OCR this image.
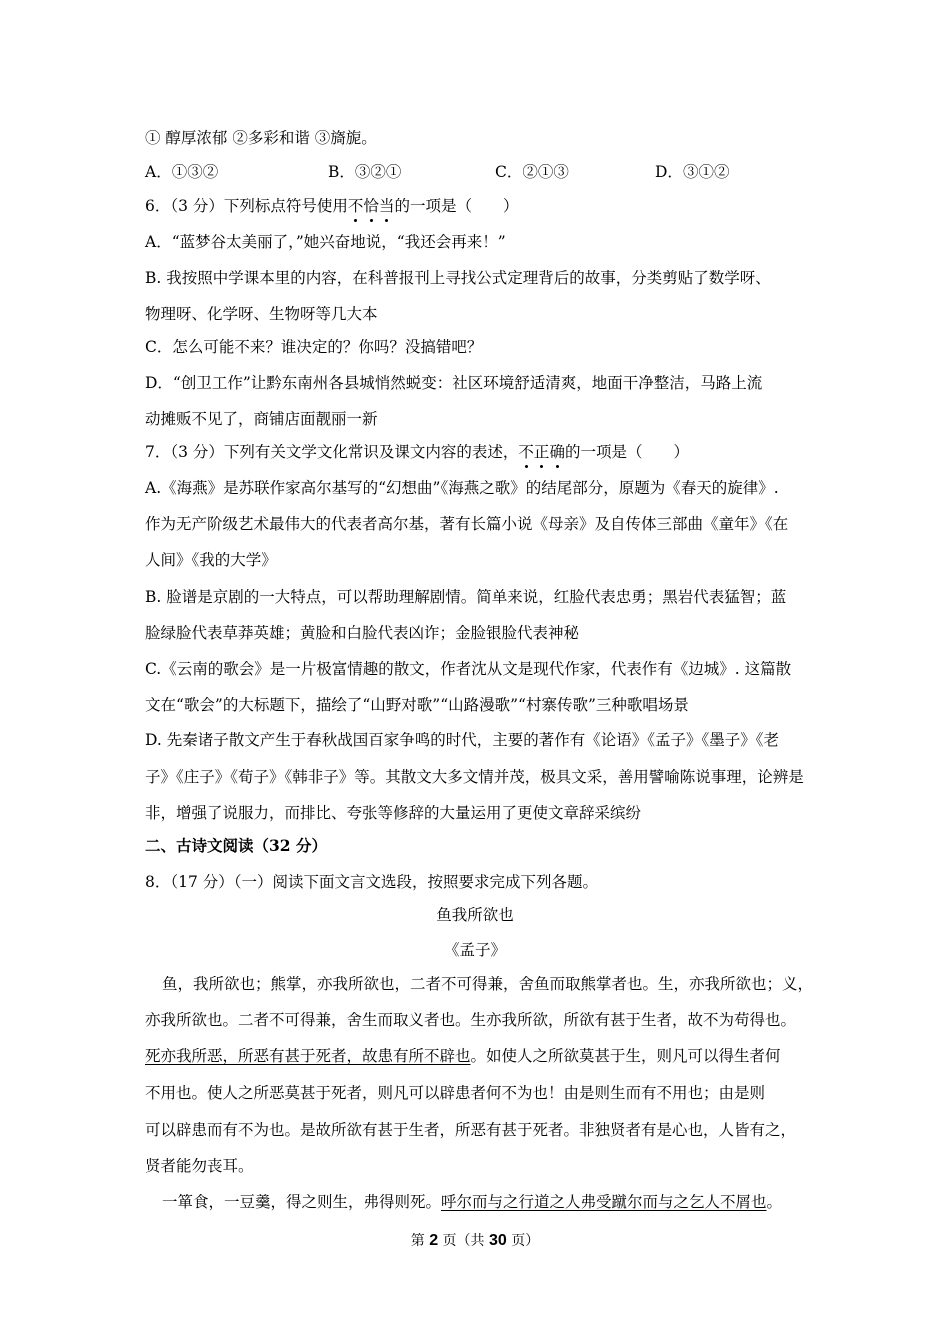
① 醇厚浓郁 ②多彩和谐 ③旖旎。
A．①③②	B．③②①	C．②①③	D．③①②
6．（3 分）下列标点符号使用不恰当的一项是（　　）
A．“蓝梦谷太美丽了，”她兴奋地说，“我还会再来！”
B. 我按照中学课本里的内容，在科普报刊上寻找公式定理背后的故事，分类剪贴了数学呀、
物理呀、化学呀、生物呀等几大本
C．怎么可能不来？谁决定的？你吗？没搞错吧？
D．“创卫工作”让黔东南州各县城悄然蜕变：社区环境舒适清爽，地面干净整洁，马路上流
动摊贩不见了，商铺店面靓丽一新
7．（3 分）下列有关文学文化常识及课文内容的表述，不正确的一项是（　　）
A.《海燕》是苏联作家高尔基写的“幻想曲”《海燕之歌》的结尾部分，原题为《春天的旋律》.
作为无产阶级艺术最伟大的代表者高尔基，著有长篇小说《母亲》及自传体三部曲《童年》《在
人间》《我的大学》
B. 脸谱是京剧的一大特点，可以帮助理解剧情。简单来说，红脸代表忠勇；黑岩代表猛智；蓝
脸绿脸代表草莽英雄；黄脸和白脸代表凶诈；金脸银脸代表神秘
C.《云南的歌会》是一片极富情趣的散文，作者沈从文是现代作家，代表作有《边城》. 这篇散
文在“歌会”的大标题下，描绘了“山野对歌”“山路漫歌”“村寨传歌”三种歌唱场景
D. 先秦诸子散文产生于春秋战国百家争鸣的时代，主要的著作有《论语》《孟子》《墨子》《老
子》《庄子》《荀子》《韩非子》等。其散文大多文情并茂，极具文采，善用譬喻陈说事理，论辨是
非，增强了说服力，而排比、夸张等修辞的大量运用了更使文章辞采缤纷
二、古诗文阅读（32 分）
8．（17 分）（一）阅读下面文言文选段，按照要求完成下列各题。
鱼我所欲也
《孟子》
鱼，我所欲也；熊掌，亦我所欲也，二者不可得兼，舍鱼而取熊掌者也。生，亦我所欲也；义，
亦我所欲也。二者不可得兼，舍生而取义者也。生亦我所欲，所欲有甚于生者，故不为苟得也。
死亦我所恶，所恶有甚于死者，故患有所不辟也。如使人之所欲莫甚于生，则凡可以得生者何
不用也。使人之所恶莫甚于死者，则凡可以辟患者何不为也！由是则生而有不用也；由是则
可以辟患而有不为也。是故所欲有甚于生者，所恶有甚于死者。非独贤者有是心也，人皆有之，
贤者能勿丧耳。
一箪食，一豆羹，得之则生，弗得则死。呼尔而与之行道之人弗受蹴尔而与之乞人不屑也。
第 2 页（共 30 页）
